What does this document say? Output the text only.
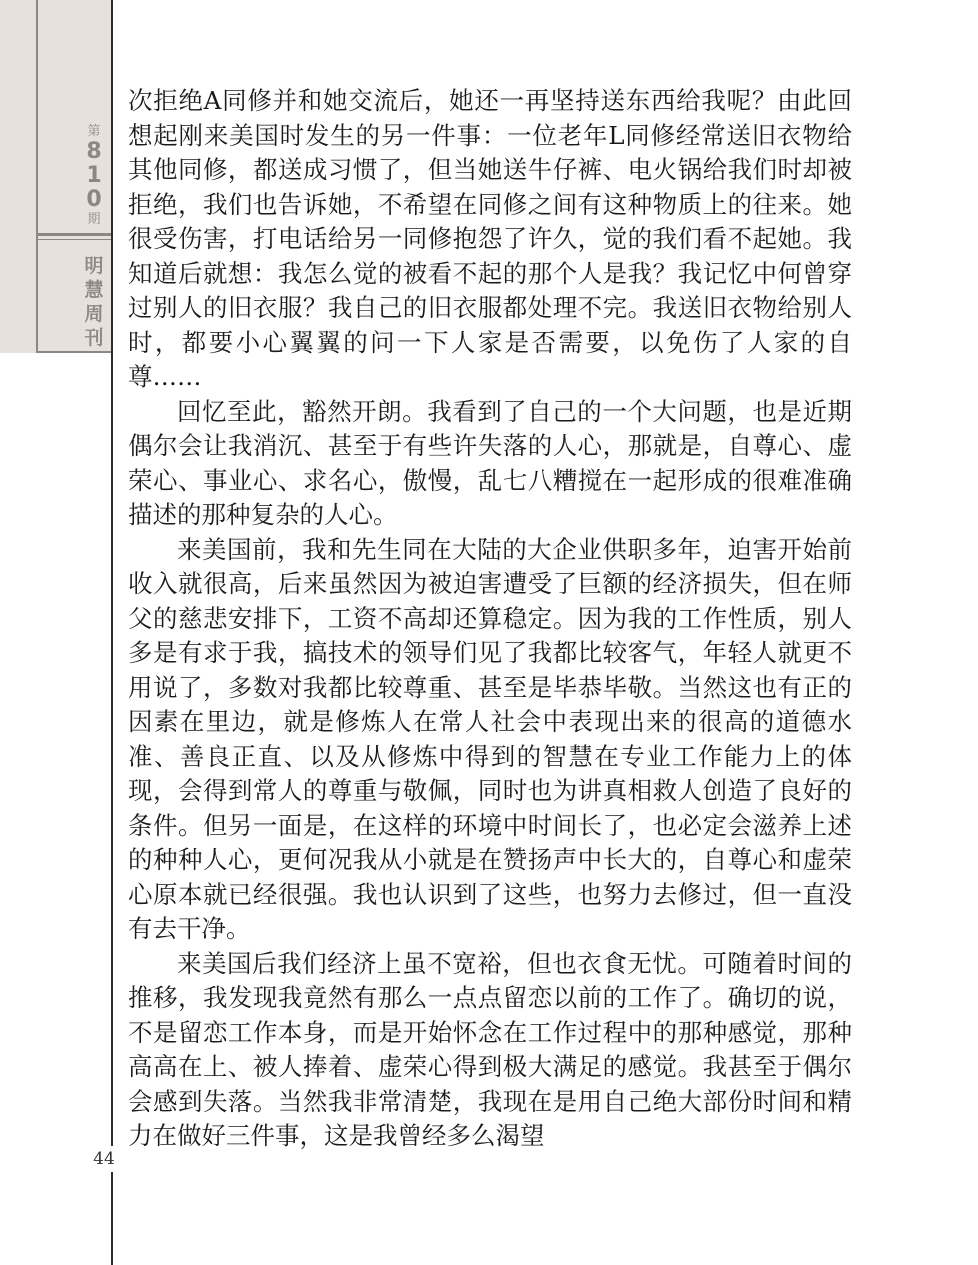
第
8
1
0
期
明
慧
周
刊
44

次拒绝A同修并和她交流后，她还一再坚持送东西给我呢？由此回想起刚来美国时发生的另一件事：一位老年L同修经常送旧衣物给其他同修，都送成习惯了，但当她送牛仔裤、电火锅给我们时却被拒绝，我们也告诉她，不希望在同修之间有这种物质上的往来。她很受伤害，打电话给另一同修抱怨了许久，觉的我们看不起她。我知道后就想：我怎么觉的被看不起的那个人是我？我记忆中何曾穿过别人的旧衣服？我自己的旧衣服都处理不完。我送旧衣物给别人时，都要小心翼翼的问一下人家是否需要，以免伤了人家的自尊……

回忆至此，豁然开朗。我看到了自己的一个大问题，也是近期偶尔会让我消沉、甚至于有些许失落的人心，那就是，自尊心、虚荣心、事业心、求名心，傲慢，乱七八糟搅在一起形成的很难准确描述的那种复杂的人心。

来美国前，我和先生同在大陆的大企业供职多年，迫害开始前收入就很高，后来虽然因为被迫害遭受了巨额的经济损失，但在师父的慈悲安排下，工资不高却还算稳定。因为我的工作性质，别人多是有求于我，搞技术的领导们见了我都比较客气，年轻人就更不用说了，多数对我都比较尊重、甚至是毕恭毕敬。当然这也有正的因素在里边，就是修炼人在常人社会中表现出来的很高的道德水准、善良正直、以及从修炼中得到的智慧在专业工作能力上的体现，会得到常人的尊重与敬佩，同时也为讲真相救人创造了良好的条件。但另一面是，在这样的环境中时间长了，也必定会滋养上述的种种人心，更何况我从小就是在赞扬声中长大的，自尊心和虚荣心原本就已经很强。我也认识到了这些，也努力去修过，但一直没有去干净。

来美国后我们经济上虽不宽裕，但也衣食无忧。可随着时间的推移，我发现我竟然有那么一点点留恋以前的工作了。确切的说，不是留恋工作本身，而是开始怀念在工作过程中的那种感觉，那种高高在上、被人捧着、虚荣心得到极大满足的感觉。我甚至于偶尔会感到失落。当然我非常清楚，我现在是用自己绝大部份时间和精力在做好三件事，这是我曾经多么渴望
